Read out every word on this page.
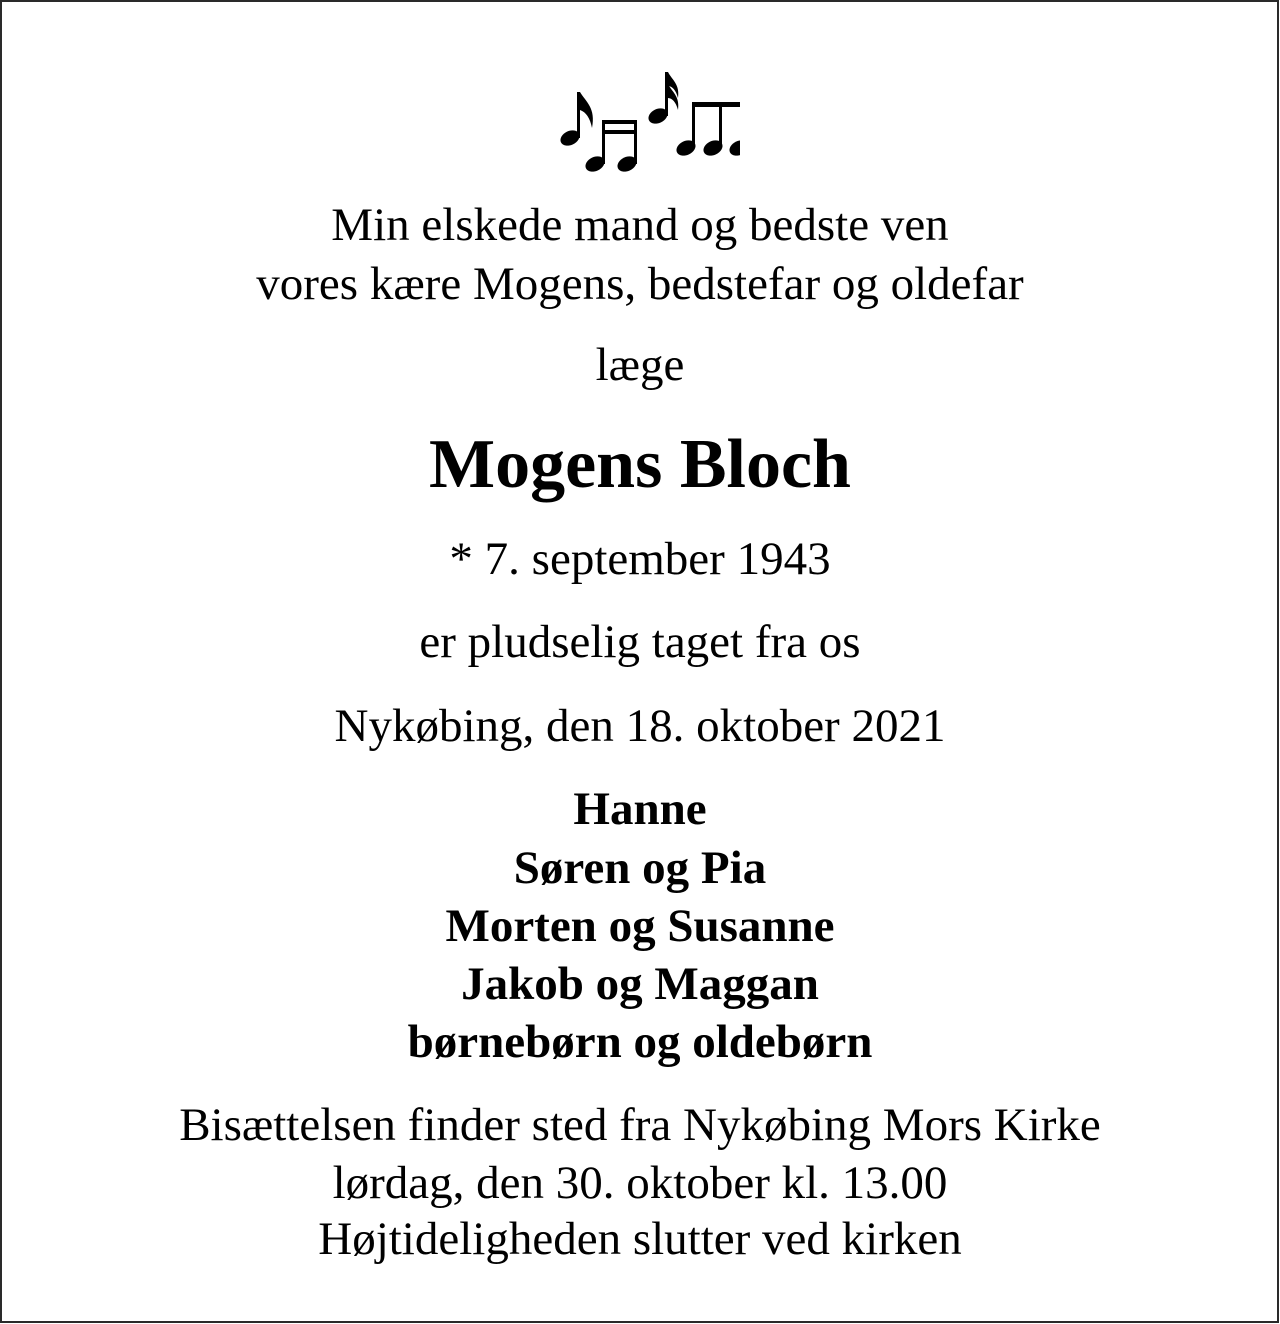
Min elskede mand og bedste ven
vores kære Mogens, bedstefar og oldefar
læge
Mogens Bloch
* 7. september 1943
er pludselig taget fra os
Nykøbing, den 18. oktober 2021
Hanne
Søren og Pia
Morten og Susanne
Jakob og Maggan
børnebørn og oldebørn
Bisættelsen finder sted fra Nykøbing Mors Kirke
lørdag, den 30. oktober kl. 13.00
Højtideligheden slutter ved kirken
